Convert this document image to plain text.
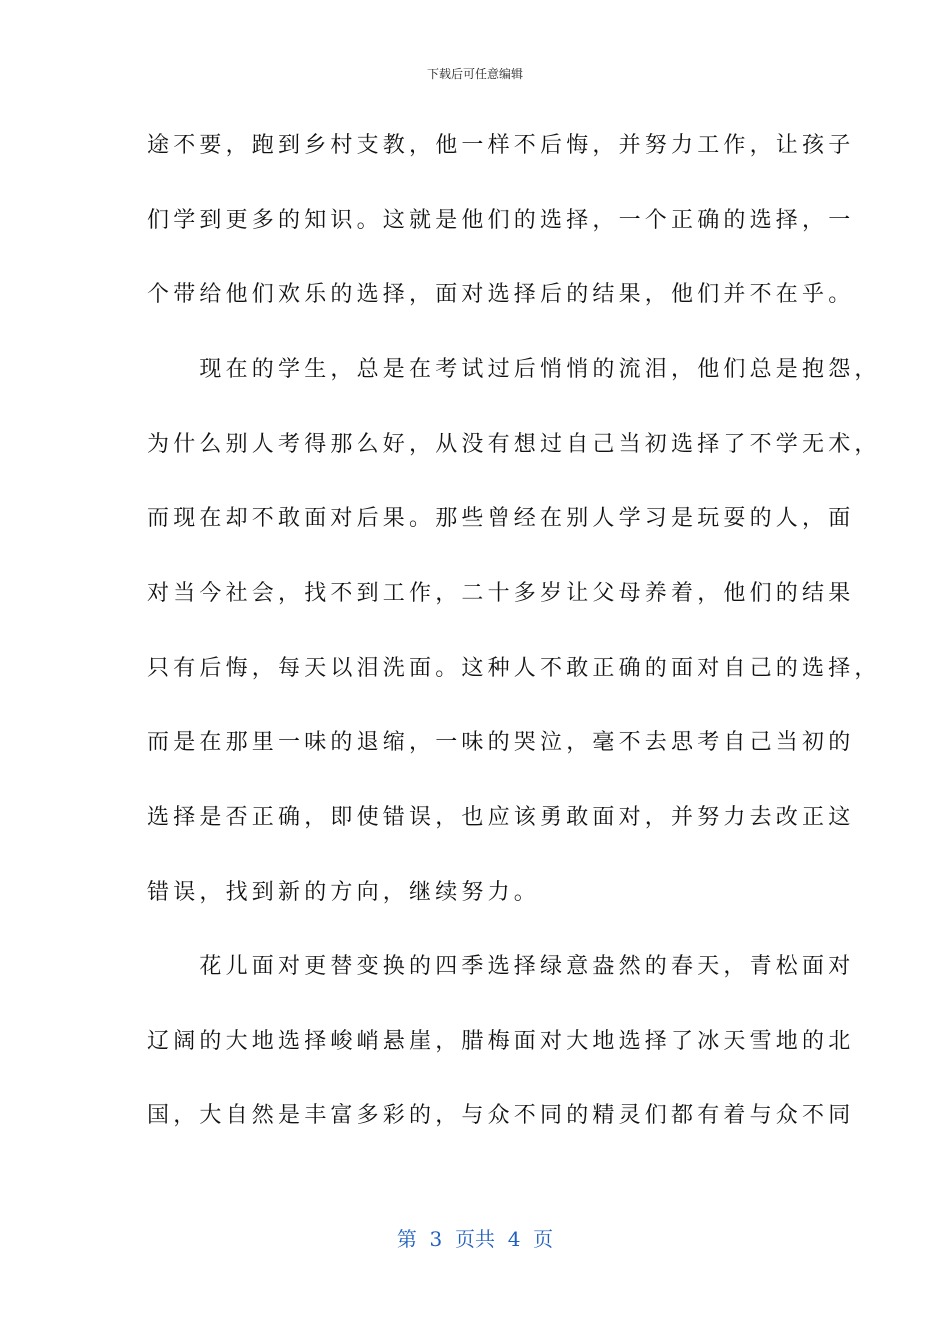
下载后可任意编辑
途不要，跑到乡村支教，他一样不后悔，并努力工作，让孩子
们学到更多的知识。这就是他们的选择，一个正确的选择，一
个带给他们欢乐的选择，面对选择后的结果，他们并不在乎。
　　现在的学生，总是在考试过后悄悄的流泪，他们总是抱怨，
为什么别人考得那么好，从没有想过自己当初选择了不学无术，
而现在却不敢面对后果。那些曾经在别人学习是玩耍的人，面
对当今社会，找不到工作，二十多岁让父母养着，他们的结果
只有后悔，每天以泪洗面。这种人不敢正确的面对自己的选择，
而是在那里一味的退缩，一味的哭泣，毫不去思考自己当初的
选择是否正确，即使错误，也应该勇敢面对，并努力去改正这
错误，找到新的方向，继续努力。
　　花儿面对更替变换的四季选择绿意盎然的春天，青松面对
辽阔的大地选择峻峭悬崖，腊梅面对大地选择了冰天雪地的北
国，大自然是丰富多彩的，与众不同的精灵们都有着与众不同
第  3  页共  4  页
